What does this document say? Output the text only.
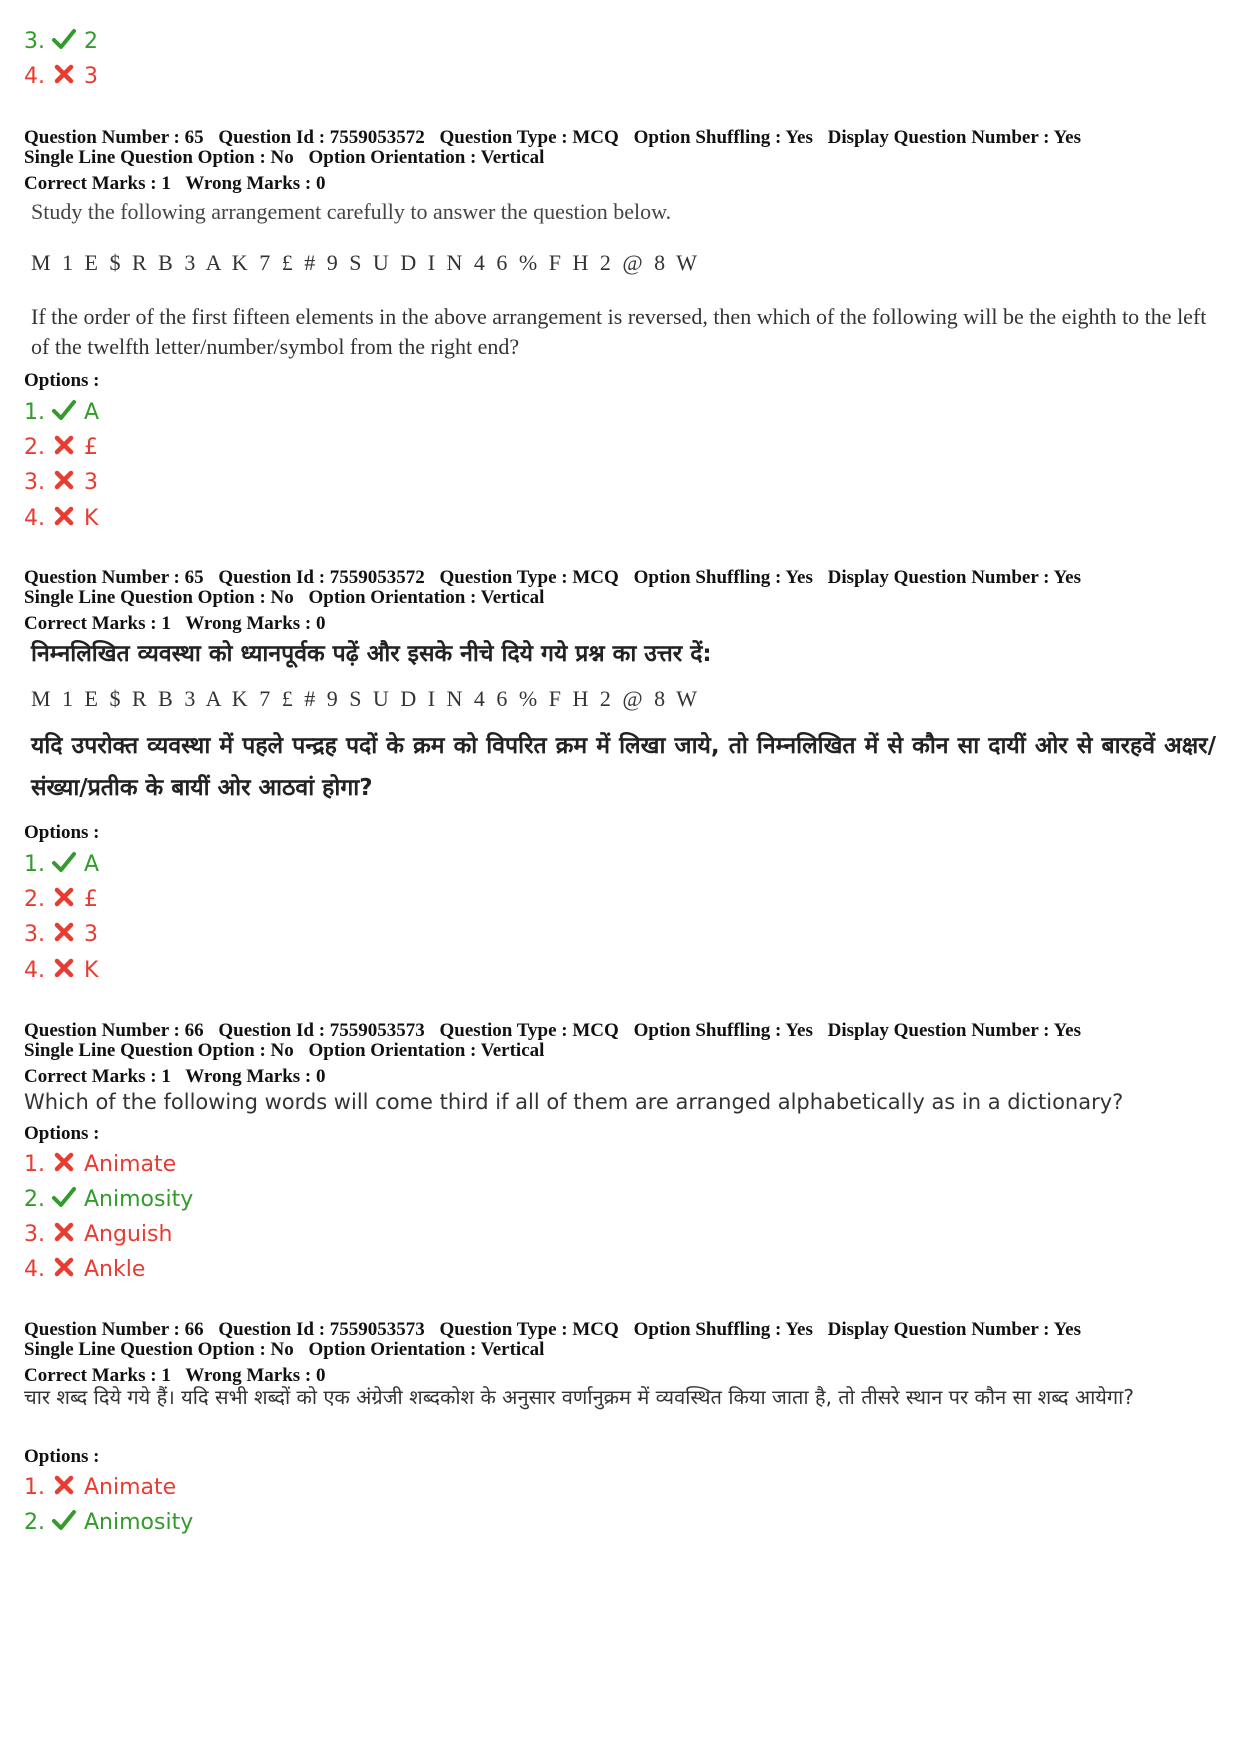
3.	2
4.	3
Question Number : 65 Question Id : 7559053572 Question Type : MCQ Option Shuffling : Yes Display Question Number : Yes
Single Line Question Option : No Option Orientation : Vertical
Correct Marks : 1 Wrong Marks : 0
Study the following arrangement carefully to answer the question below.
M 1 E $ R B 3 A K 7 £ # 9 S U D I N 4 6 % F H 2 @ 8 W
If the order of the first fifteen elements in the above arrangement is reversed, then which of the following will be the eighth to the left of the twelfth letter/number/symbol from the right end?
Options :
1.	A
2.	£
3.	3
4.	K
Question Number : 65 Question Id : 7559053572 Question Type : MCQ Option Shuffling : Yes Display Question Number : Yes
Single Line Question Option : No Option Orientation : Vertical
Correct Marks : 1 Wrong Marks : 0
निम्नलिखित व्यवस्था को ध्यानपूर्वक पढ़ें और इसके नीचे दिये गये प्रश्न का उत्तर दें:
M 1 E $ R B 3 A K 7 £ # 9 S U D I N 4 6 % F H 2 @ 8 W
यदि उपरोक्त व्यवस्था में पहले पन्द्रह पदों के क्रम को विपरित क्रम में लिखा जाये, तो निम्नलिखित में से कौन सा दायीं ओर से बारहवें अक्षर/संख्या/प्रतीक के बायीं ओर आठवां होगा?
Options :
1.	A
2.	£
3.	3
4.	K
Question Number : 66 Question Id : 7559053573 Question Type : MCQ Option Shuffling : Yes Display Question Number : Yes
Single Line Question Option : No Option Orientation : Vertical
Correct Marks : 1 Wrong Marks : 0
Which of the following words will come third if all of them are arranged alphabetically as in a dictionary?
Options :
1.	Animate
2.	Animosity
3.	Anguish
4.	Ankle
Question Number : 66 Question Id : 7559053573 Question Type : MCQ Option Shuffling : Yes Display Question Number : Yes
Single Line Question Option : No Option Orientation : Vertical
Correct Marks : 1 Wrong Marks : 0
चार शब्द दिये गये हैं। यदि सभी शब्दों को एक अंग्रेजी शब्दकोश के अनुसार वर्णानुक्रम में व्यवस्थित किया जाता है, तो तीसरे स्थान पर कौन सा शब्द आयेगा?
Options :
1.	Animate
2.	Animosity
